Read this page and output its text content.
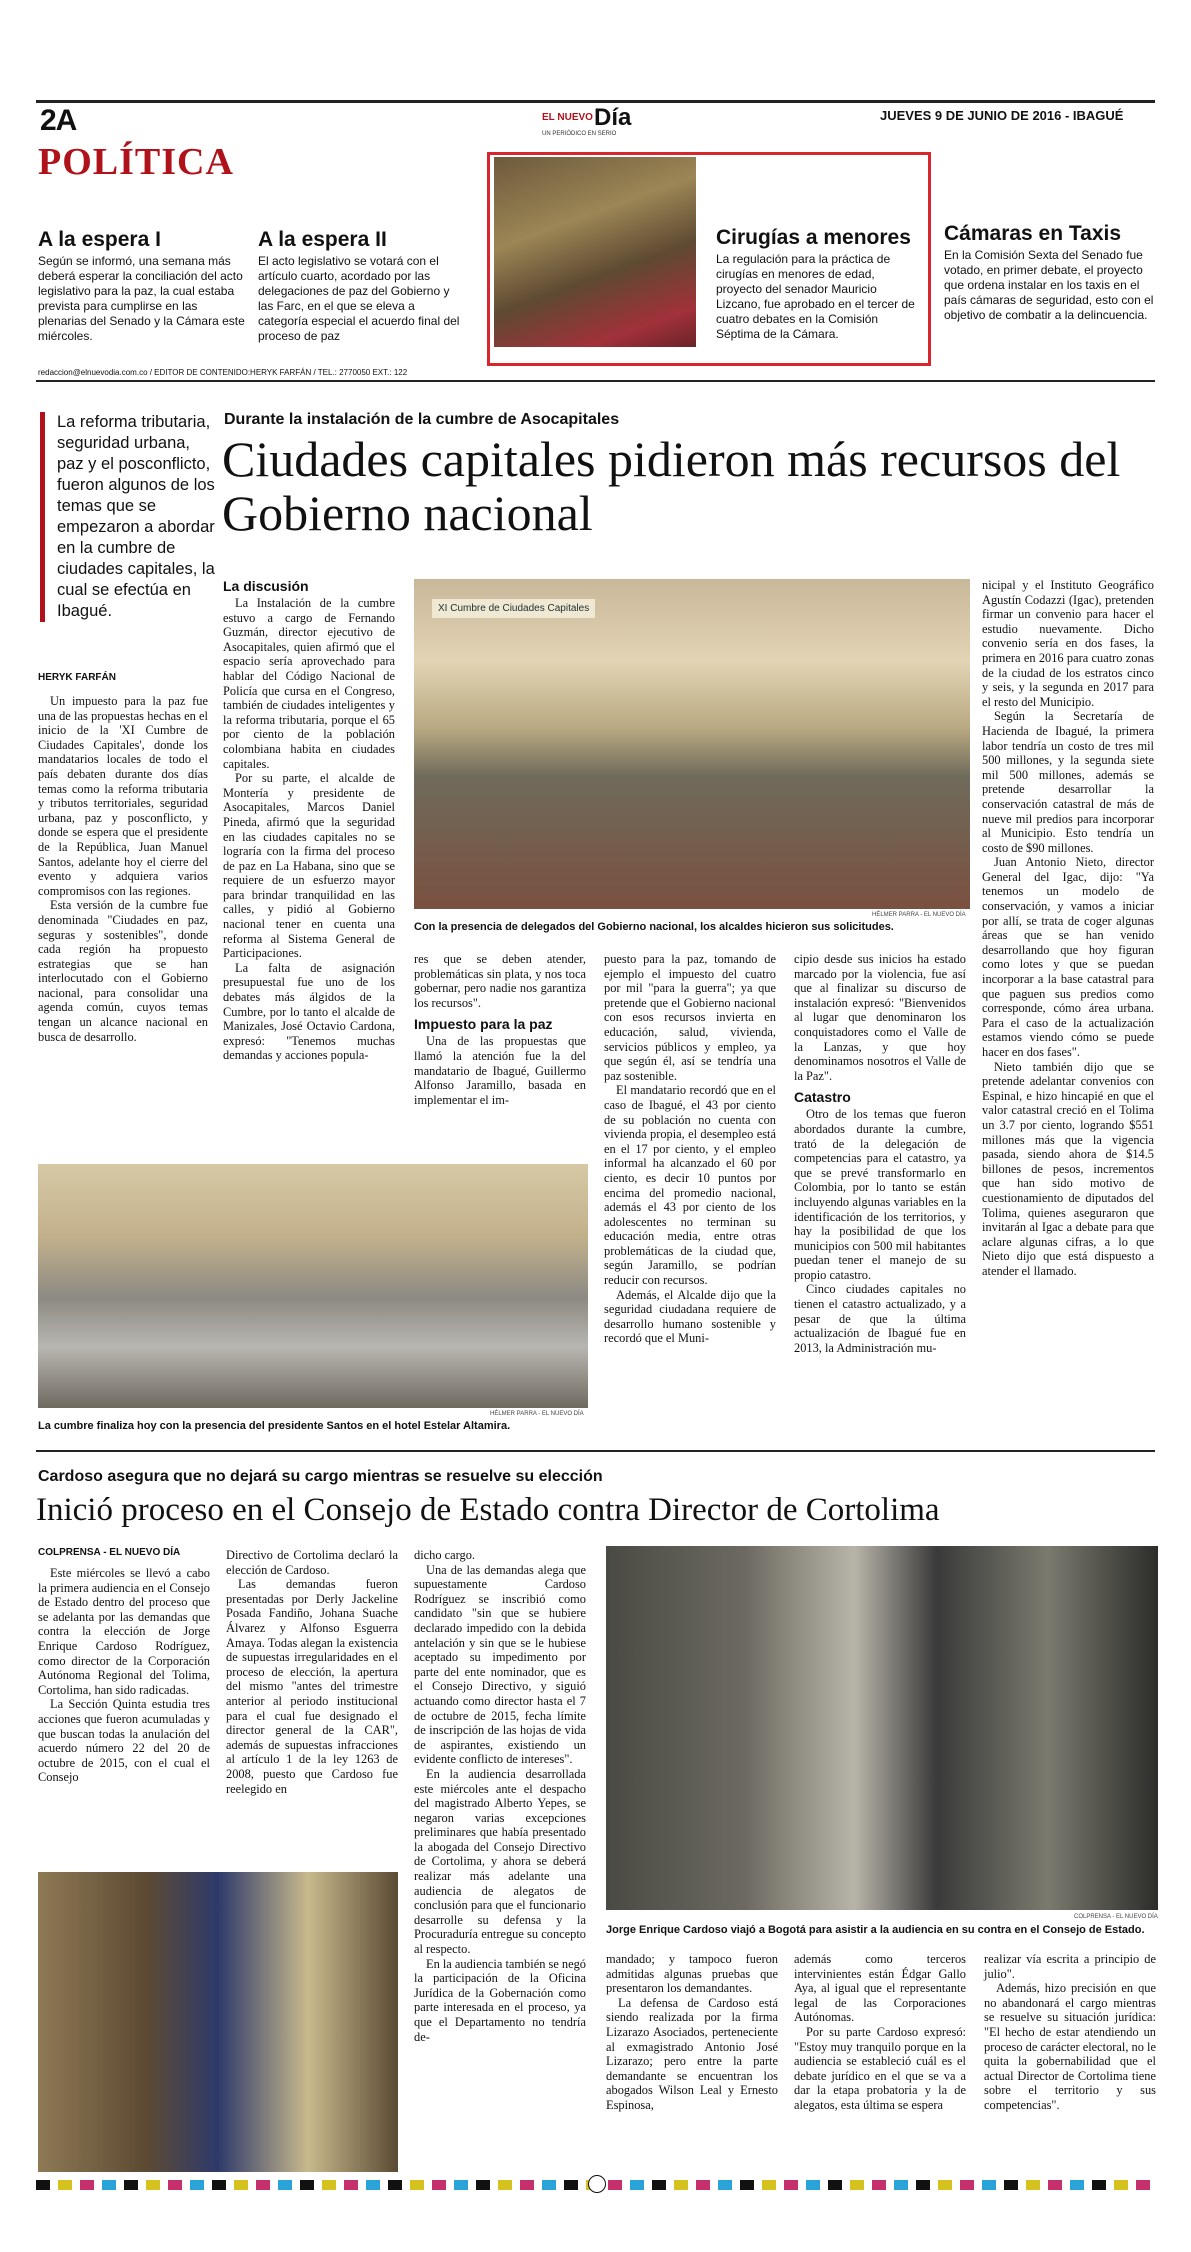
2A
POLÍTICA
EL NUEVO Día
UN PERIÓDICO EN SERIO
JUEVES 9 DE JUNIO DE 2016 - IBAGUÉ
A la espera I
Según se informó, una semana más deberá esperar la conciliación del acto legislativo para la paz, la cual estaba prevista para cumplirse en las plenarias del Senado y la Cámara este miércoles.
A la espera II
El acto legislativo se votará con el artículo cuarto, acordado por las delegaciones de paz del Gobierno y las Farc, en el que se eleva a categoría especial el acuerdo final del proceso de paz
Cirugías a menores
La regulación para la práctica de cirugías en menores de edad, proyecto del senador Mauricio Lizcano, fue aprobado en el tercer de cuatro debates en la Comisión Séptima de la Cámara.
Cámaras en Taxis
En la Comisión Sexta del Senado fue votado, en primer debate, el proyecto que ordena instalar en los taxis en el país cámaras de seguridad, esto con el objetivo de combatir a la delincuencia.
redaccion@elnuevodia.com.co / EDITOR DE CONTENIDO:HERYK FARFÁN / TEL.: 2770050 EXT.: 122
La reforma tributaria, seguridad urbana, paz y el posconflicto, fueron algunos de los temas que se empezaron a abordar en la cumbre de ciudades capitales, la cual se efectúa en Ibagué.
HERYK FARFÁN

Un impuesto para la paz fue una de las propuestas hechas en el inicio de la 'XI Cumbre de Ciudades Capitales', donde los mandatarios locales de todo el país debaten durante dos días temas como la reforma tributaria y tributos territoriales, seguridad urbana, paz y posconflicto, y donde se espera que el presidente de la República, Juan Manuel Santos, adelante hoy el cierre del evento y adquiera varios compromisos con las regiones.

Esta versión de la cumbre fue denominada "Ciudades en paz, seguras y sostenibles", donde cada región ha propuesto estrategias que se han interlocutado con el Gobierno nacional, para consolidar una agenda común, cuyos temas tengan un alcance nacional en busca de desarrollo.

Durante la instalación de la cumbre de Asocapitales
Ciudades capitales pidieron más recursos del Gobierno nacional
La discusión

La Instalación de la cumbre estuvo a cargo de Fernando Guzmán, director ejecutivo de Asocapitales, quien afirmó que el espacio sería aprovechado para hablar del Código Nacional de Policía que cursa en el Congreso, también de ciudades inteligentes y la reforma tributaria, porque el 65 por ciento de la población colombiana habita en ciudades capitales.

Por su parte, el alcalde de Montería y presidente de Asocapitales, Marcos Daniel Pineda, afirmó que la seguridad en las ciudades capitales no se lograría con la firma del proceso de paz en La Habana, sino que se requiere de un esfuerzo mayor para brindar tranquilidad en las calles, y pidió al Gobierno nacional tener en cuenta una reforma al Sistema General de Participaciones.

La falta de asignación presupuestal fue uno de los debates más álgidos de la Cumbre, por lo tanto el alcalde de Manizales, José Octavio Cardona, expresó: "Tenemos muchas demandas y acciones popula-

XI Cumbre de Ciudades Capitales
HÉLMER PARRA - EL NUEVO DÍA
Con la presencia de delegados del Gobierno nacional, los alcaldes hicieron sus solicitudes.

nicipal y el Instituto Geográfico Agustín Codazzi (Igac), pretenden firmar un convenio para hacer el estudio nuevamente. Dicho convenio sería en dos fases, la primera en 2016 para cuatro zonas de la ciudad de los estratos cinco y seis, y la segunda en 2017 para el resto del Municipio.

Según la Secretaría de Hacienda de Ibagué, la primera labor tendría un costo de tres mil 500 millones, y la segunda siete mil 500 millones, además se pretende desarrollar la conservación catastral de más de nueve mil predios para incorporar al Municipio. Esto tendría un costo de $90 millones.

Juan Antonio Nieto, director General del Igac, dijo: "Ya tenemos un modelo de conservación, y vamos a iniciar por allí, se trata de coger algunas áreas que se han venido desarrollando que hoy figuran como lotes y que se puedan incorporar a la base catastral para que paguen sus predios como corresponde, cómo área urbana. Para el caso de la actualización estamos viendo cómo se puede hacer en dos fases".

Nieto también dijo que se pretende adelantar convenios con Espinal, e hizo hincapié en que el valor catastral creció en el Tolima un 3.7 por ciento, logrando $551 millones más que la vigencia pasada, siendo ahora de $14.5 billones de pesos, incrementos que han sido motivo de cuestionamiento de diputados del Tolima, quienes aseguraron que invitarán al Igac a debate para que aclare algunas cifras, a lo que Nieto dijo que está dispuesto a atender el llamado.

res que se deben atender, problemáticas sin plata, y nos toca gobernar, pero nadie nos garantiza los recursos".

Impuesto para la paz

Una de las propuestas que llamó la atención fue la del mandatario de Ibagué, Guillermo Alfonso Jaramillo, basada en implementar el im-

puesto para la paz, tomando de ejemplo el impuesto del cuatro por mil "para la guerra"; ya que pretende que el Gobierno nacional con esos recursos invierta en educación, salud, vivienda, servicios públicos y empleo, ya que según él, así se tendría una paz sostenible.

El mandatario recordó que en el caso de Ibagué, el 43 por ciento de su población no cuenta con vivienda propia, el desempleo está en el 17 por ciento, y el empleo informal ha alcanzado el 60 por ciento, es decir 10 puntos por encima del promedio nacional, además el 43 por ciento de los adolescentes no terminan su educación media, entre otras problemáticas de la ciudad que, según Jaramillo, se podrían reducir con recursos.

Además, el Alcalde dijo que la seguridad ciudadana requiere de desarrollo humano sostenible y recordó que el Muni-

cipio desde sus inicios ha estado marcado por la violencia, fue así que al finalizar su discurso de instalación expresó: "Bienvenidos al lugar que denominaron los conquistadores como el Valle de la Lanzas, y que hoy denominamos nosotros el Valle de la Paz".

Catastro

Otro de los temas que fueron abordados durante la cumbre, trató de la delegación de competencias para el catastro, ya que se prevé transformarlo en Colombia, por lo tanto se están incluyendo algunas variables en la identificación de los territorios, y hay la posibilidad de que los municipios con 500 mil habitantes puedan tener el manejo de su propio catastro.

Cinco ciudades capitales no tienen el catastro actualizado, y a pesar de que la última actualización de Ibagué fue en 2013, la Administración mu-

HÉLMER PARRA - EL NUEVO DÍA
La cumbre finaliza hoy con la presencia del presidente Santos en el hotel Estelar Altamira.
Cardoso asegura que no dejará su cargo mientras se resuelve su elección
Inició proceso en el Consejo de Estado contra Director de Cortolima
COLPRENSA - EL NUEVO DÍA

Este miércoles se llevó a cabo la primera audiencia en el Consejo de Estado dentro del proceso que se adelanta por las demandas que contra la elección de Jorge Enrique Cardoso Rodríguez, como director de la Corporación Autónoma Regional del Tolima, Cortolima, han sido radicadas.

La Sección Quinta estudia tres acciones que fueron acumuladas y que buscan todas la anulación del acuerdo número 22 del 20 de octubre de 2015, con el cual el Consejo

Directivo de Cortolima declaró la elección de Cardoso.

Las demandas fueron presentadas por Derly Jackeline Posada Fandiño, Johana Suache Álvarez y Alfonso Esguerra Amaya. Todas alegan la existencia de supuestas irregularidades en el proceso de elección, la apertura del mismo "antes del trimestre anterior al periodo institucional para el cual fue designado el director general de la CAR", además de supuestas infracciones al artículo 1 de la ley 1263 de 2008, puesto que Cardoso fue reelegido en

dicho cargo.

Una de las demandas alega que supuestamente Cardoso Rodríguez se inscribió como candidato "sin que se hubiere declarado impedido con la debida antelación y sin que se le hubiese aceptado su impedimento por parte del ente nominador, que es el Consejo Directivo, y siguió actuando como director hasta el 7 de octubre de 2015, fecha límite de inscripción de las hojas de vida de aspirantes, existiendo un evidente conflicto de intereses".

En la audiencia desarrollada este miércoles ante el despacho del magistrado Alberto Yepes, se negaron varias excepciones preliminares que había presentado la abogada del Consejo Directivo de Cortolima, y ahora se deberá realizar más adelante una audiencia de alegatos de conclusión para que el funcionario desarrolle su defensa y la Procuraduría entregue su concepto al respecto.

En la audiencia también se negó la participación de la Oficina Jurídica de la Gobernación como parte interesada en el proceso, ya que el Departamento no tendría de-

COLPRENSA - EL NUEVO DÍA
Jorge Enrique Cardoso viajó a Bogotá para asistir a la audiencia en su contra en el Consejo de Estado.

mandado; y tampoco fueron admitidas algunas pruebas que presentaron los demandantes.

La defensa de Cardoso está siendo realizada por la firma Lizarazo Asociados, perteneciente al exmagistrado Antonio José Lizarazo; pero entre la parte demandante se encuentran los abogados Wilson Leal y Ernesto Espinosa,

además como terceros intervinientes están Édgar Gallo Aya, al igual que el representante legal de las Corporaciones Autónomas.

Por su parte Cardoso expresó: "Estoy muy tranquilo porque en la audiencia se estableció cuál es el debate jurídico en el que se va a dar la etapa probatoria y la de alegatos, esta última se espera

realizar vía escrita a principio de julio".

Además, hizo precisión en que no abandonará el cargo mientras se resuelve su situación jurídica: "El hecho de estar atendiendo un proceso de carácter electoral, no le quita la gobernabilidad que el actual Director de Cortolima tiene sobre el territorio y sus competencias".
